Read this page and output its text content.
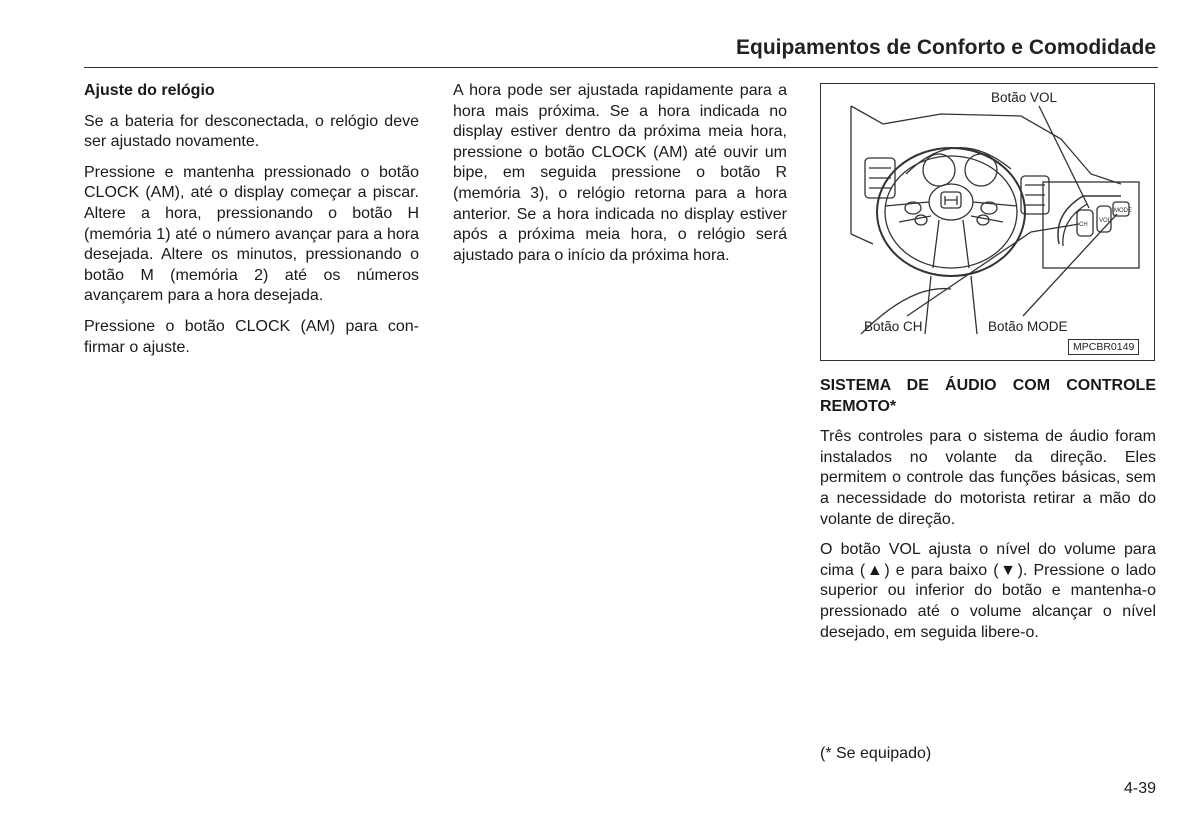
Equipamentos de Conforto e Comodidade

Ajuste do relógio

Se a bateria for desconectada, o relógio deve ser ajustado novamente.

Pressione e mantenha pressionado o botão CLOCK (AM), até o display começar a piscar. Altere a hora, pressionando o botão H (memória 1) até o número avançar para a hora desejada. Altere os minutos, pressionando o botão M (memória 2) até os números avançarem para a hora desejada.

Pressione o botão CLOCK (AM) para confirmar o ajuste.

A hora pode ser ajustada rapidamente para a hora mais próxima. Se a hora indicada no display estiver dentro da próxima meia hora, pressione o botão CLOCK (AM) até ouvir um bipe, em seguida pressione o botão R (memória 3), o relógio retorna para a hora anterior. Se a hora indicada no display estiver após a próxima meia hora, o relógio será ajustado para o início da próxima hora.

CH
VOL
MODE
Botão VOL
Botão CH	Botão MODE
MPCBR0149

SISTEMA DE ÁUDIO COM CONTROLE REMOTO*

Três controles para o sistema de áudio foram instalados no volante da direção. Eles permitem o controle das funções básicas, sem a necessidade do motorista retirar a mão do volante de direção.

O botão VOL ajusta o nível do volume para cima (▲) e para baixo (▼). Pressione o lado superior ou inferior do botão e mantenha-o pressionado até o volume alcançar o nível desejado, em seguida libere-o.

(* Se equipado)
4-39
